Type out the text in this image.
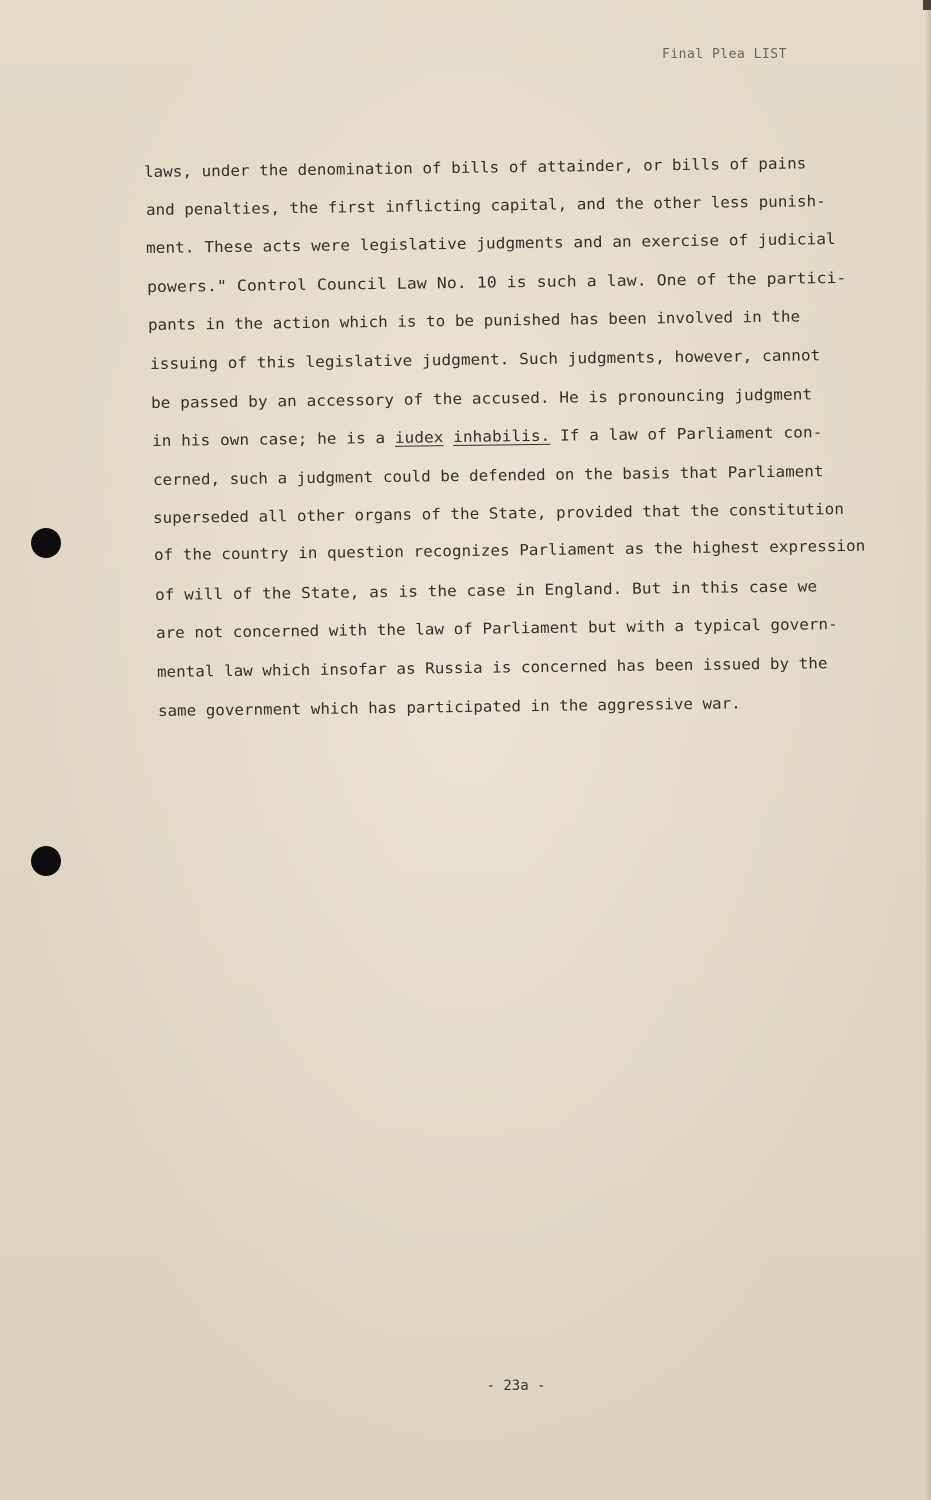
Final Plea LIST
laws, under the denomination of bills of attainder, or bills of pains
and penalties, the first inflicting capital, and the other less punish-
ment. These acts were legislative judgments and an exercise of judicial
powers." Control Council Law No. 10 is such a law. One of the partici-
pants in the action which is to be punished has been involved in the
issuing of this legislative judgment. Such judgments, however, cannot
be passed by an accessory of the accused. He is pronouncing judgment
in his own case; he is a iudex inhabilis. If a law of Parliament con-
cerned, such a judgment could be defended on the basis that Parliament
superseded all other organs of the State, provided that the constitution
of the country in question recognizes Parliament as the highest expression
of will of the State, as is the case in England. But in this case we
are not concerned with the law of Parliament but with a typical govern-
mental law which insofar as Russia is concerned has been issued by the
same government which has participated in the aggressive war.
- 23a -
